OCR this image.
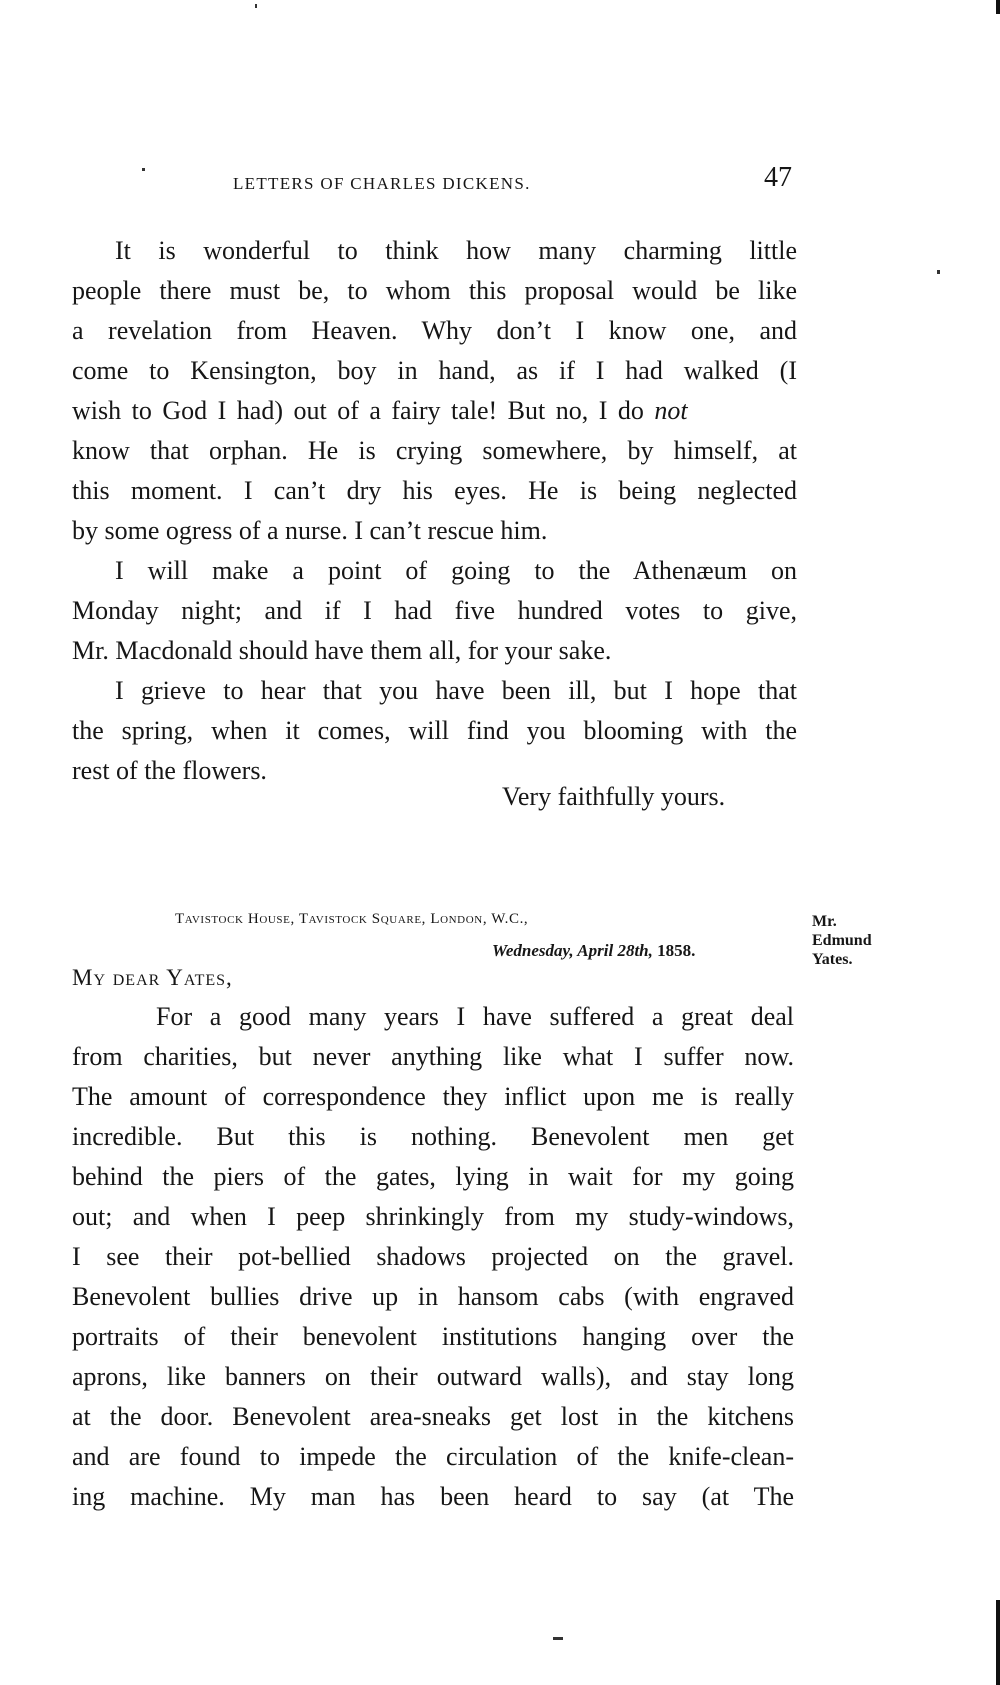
LETTERS OF CHARLES DICKENS.	47
It is wonderful to think how many charming little
people there must be, to whom this proposal would be like
a revelation from Heaven. Why don’t I know one, and
come to Kensington, boy in hand, as if I had walked (I
wish to God I had) out of a fairy tale! But no, I do not
know that orphan. He is crying somewhere, by himself, at
this moment. I can’t dry his eyes. He is being neglected
by some ogress of a nurse. I can’t rescue him.
I will make a point of going to the Athenæum on
Monday night; and if I had five hundred votes to give,
Mr. Macdonald should have them all, for your sake.
I grieve to hear that you have been ill, but I hope that
the spring, when it comes, will find you blooming with the
rest of the flowers.
Very faithfully yours.
Tavistock House, Tavistock Square, London, W.C.,
Wednesday, April 28th, 1858.
My dear Yates,
Mr.
Edmund
Yates.
For a good many years I have suffered a great deal
from charities, but never anything like what I suffer now.
The amount of correspondence they inflict upon me is really
incredible. But this is nothing. Benevolent men get
behind the piers of the gates, lying in wait for my going
out; and when I peep shrinkingly from my study-windows,
I see their pot-bellied shadows projected on the gravel.
Benevolent bullies drive up in hansom cabs (with engraved
portraits of their benevolent institutions hanging over the
aprons, like banners on their outward walls), and stay long
at the door. Benevolent area-sneaks get lost in the kitchens
and are found to impede the circulation of the knife-clean-
ing machine. My man has been heard to say (at The
